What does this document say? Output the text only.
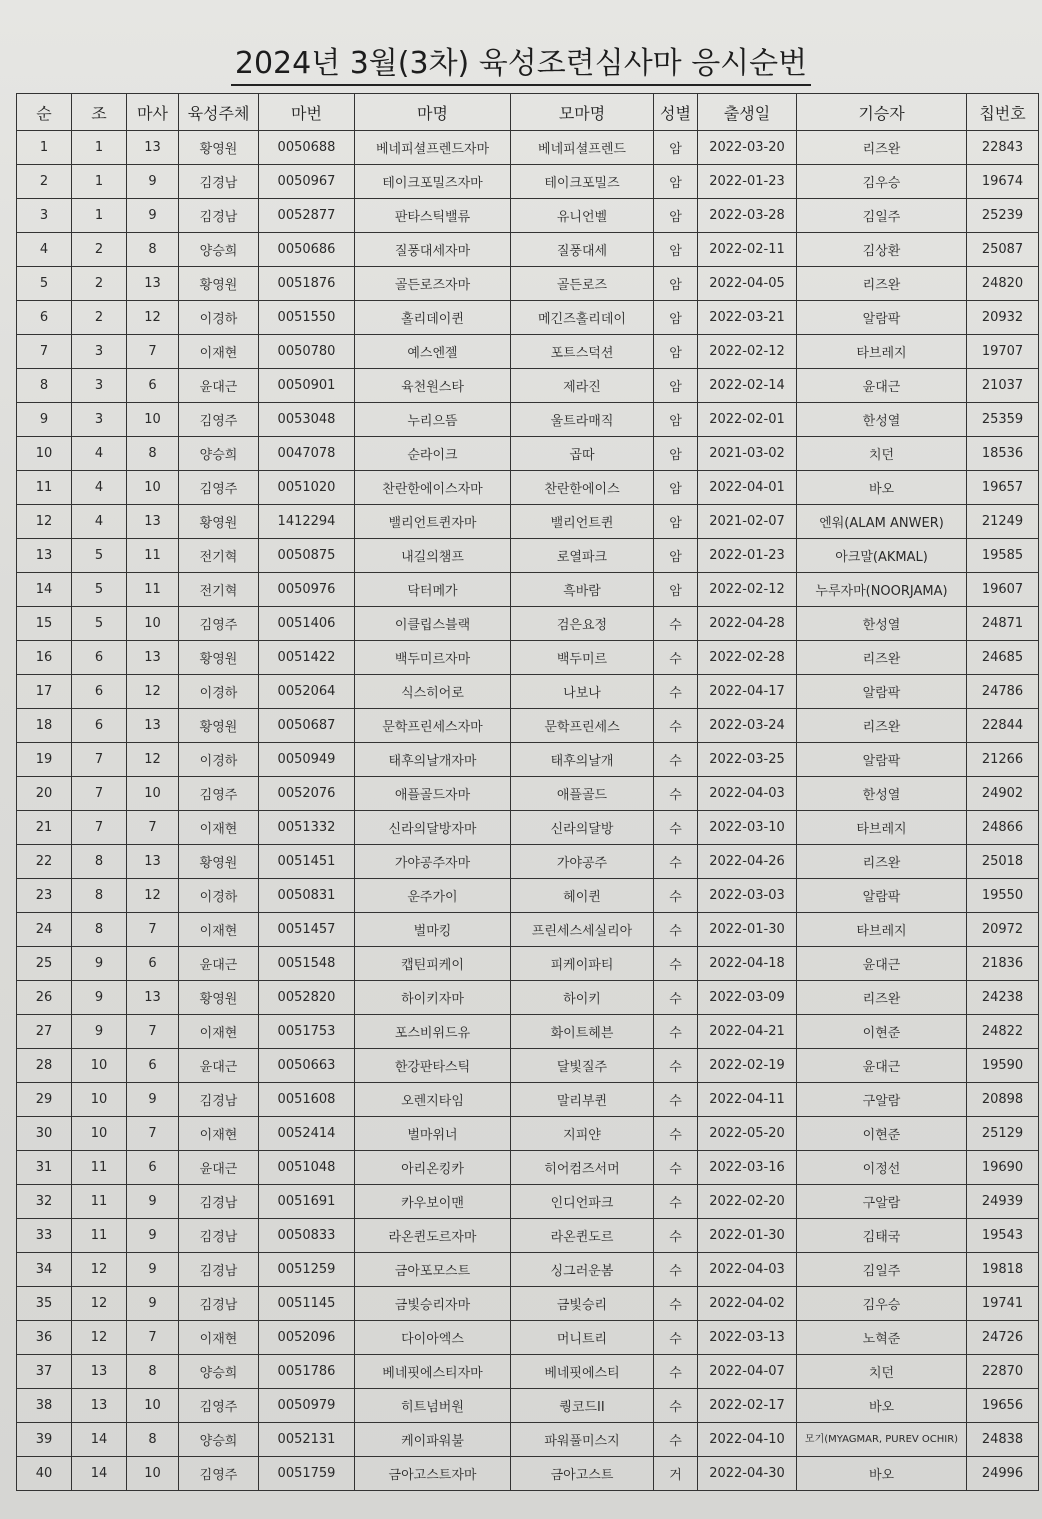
2024년 3월(3차) 육성조련심사마 응시순번
순	조	마사	육성주체	마번	마명	모마명	성별	출생일	기승자	칩번호
1	1	13	황영원	0050688	베네피셜프렌드자마	베네피셜프렌드	암	2022-03-20	리즈완	22843
2	1	9	김경남	0050967	테이크포밀즈자마	테이크포밀즈	암	2022-01-23	김우승	19674
3	1	9	김경남	0052877	판타스틱밸류	유니언벨	암	2022-03-28	김일주	25239
4	2	8	양승희	0050686	질풍대세자마	질풍대세	암	2022-02-11	김상환	25087
5	2	13	황영원	0051876	골든로즈자마	골든로즈	암	2022-04-05	리즈완	24820
6	2	12	이경하	0051550	홀리데이퀸	메긴즈홀리데이	암	2022-03-21	알람팍	20932
7	3	7	이재현	0050780	예스엔젤	포트스덕션	암	2022-02-12	타브레지	19707
8	3	6	윤대근	0050901	육천원스타	제라진	암	2022-02-14	윤대근	21037
9	3	10	김영주	0053048	누리으뜸	울트라매직	암	2022-02-01	한성열	25359
10	4	8	양승희	0047078	순라이크	곱따	암	2021-03-02	치던	18536
11	4	10	김영주	0051020	찬란한에이스자마	찬란한에이스	암	2022-04-01	바오	19657
12	4	13	황영원	1412294	밸리언트퀸자마	밸리언트퀸	암	2021-02-07	엔워(ALAM ANWER)	21249
13	5	11	전기혁	0050875	내길의챔프	로열파크	암	2022-01-23	아크말(AKMAL)	19585
14	5	11	전기혁	0050976	닥터메가	흑바람	암	2022-02-12	누루자마(NOORJAMA)	19607
15	5	10	김영주	0051406	이클립스블랙	검은요정	수	2022-04-28	한성열	24871
16	6	13	황영원	0051422	백두미르자마	백두미르	수	2022-02-28	리즈완	24685
17	6	12	이경하	0052064	식스히어로	나보나	수	2022-04-17	알람팍	24786
18	6	13	황영원	0050687	문학프린세스자마	문학프린세스	수	2022-03-24	리즈완	22844
19	7	12	이경하	0050949	태후의날개자마	태후의날개	수	2022-03-25	알람팍	21266
20	7	10	김영주	0052076	애플골드자마	애플골드	수	2022-04-03	한성열	24902
21	7	7	이재현	0051332	신라의달방자마	신라의달방	수	2022-03-10	타브레지	24866
22	8	13	황영원	0051451	가야공주자마	가야공주	수	2022-04-26	리즈완	25018
23	8	12	이경하	0050831	운주가이	헤이퀸	수	2022-03-03	알람팍	19550
24	8	7	이재현	0051457	벌마킹	프린세스세실리아	수	2022-01-30	타브레지	20972
25	9	6	윤대근	0051548	캡틴피케이	피케이파티	수	2022-04-18	윤대근	21836
26	9	13	황영원	0052820	하이키자마	하이키	수	2022-03-09	리즈완	24238
27	9	7	이재현	0051753	포스비위드유	화이트헤븐	수	2022-04-21	이현준	24822
28	10	6	윤대근	0050663	한강판타스틱	달빛질주	수	2022-02-19	윤대근	19590
29	10	9	김경남	0051608	오렌지타임	말리부퀸	수	2022-04-11	구알람	20898
30	10	7	이재현	0052414	벌마위너	지피얀	수	2022-05-20	이현준	25129
31	11	6	윤대근	0051048	아리온킹카	히어컴즈서머	수	2022-03-16	이정선	19690
32	11	9	김경남	0051691	카우보이맨	인디언파크	수	2022-02-20	구알람	24939
33	11	9	김경남	0050833	라온퀸도르자마	라온퀸도르	수	2022-01-30	김태국	19543
34	12	9	김경남	0051259	금아포모스트	싱그러운봄	수	2022-04-03	김일주	19818
35	12	9	김경남	0051145	금빛승리자마	금빛승리	수	2022-04-02	김우승	19741
36	12	7	이재현	0052096	다이아엑스	머니트리	수	2022-03-13	노혁준	24726
37	13	8	양승희	0051786	베네핏에스티자마	베네핏에스티	수	2022-04-07	치던	22870
38	13	10	김영주	0050979	히트넘버원	퀑코드II	수	2022-02-17	바오	19656
39	14	8	양승희	0052131	케이파워불	파워풀미스지	수	2022-04-10	모기(MYAGMAR, PUREV OCHIR)	24838
40	14	10	김영주	0051759	금아고스트자마	금아고스트	거	2022-04-30	바오	24996
